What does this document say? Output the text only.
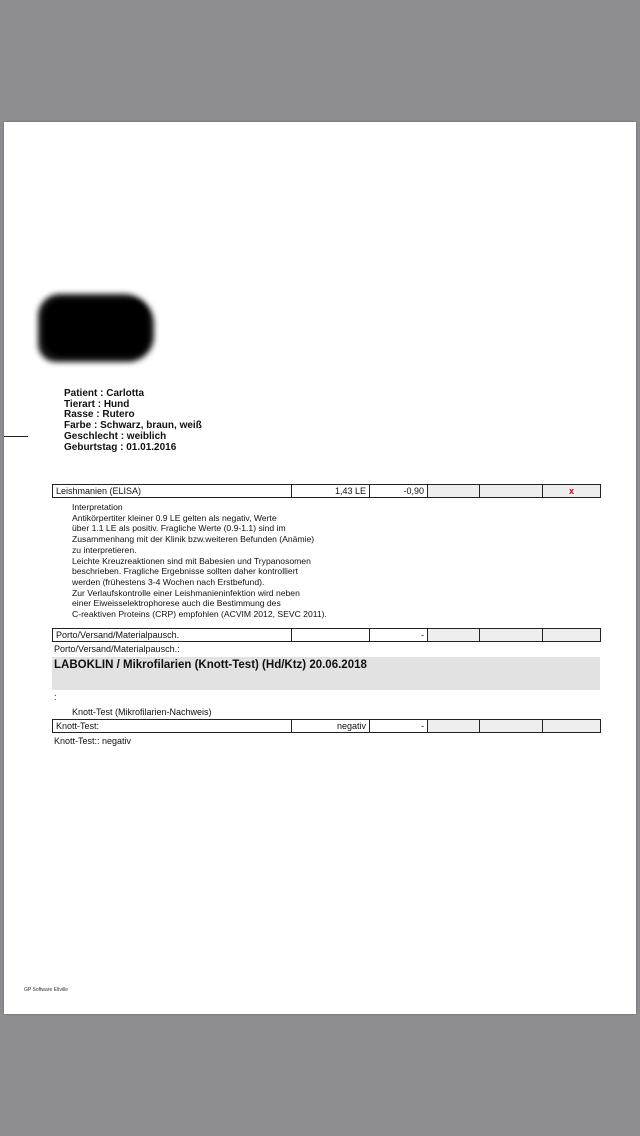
Patient : Carlotta
Tierart : Hund
Rasse : Rutero
Farbe : Schwarz, braun, weiß
Geschlecht : weiblich
Geburtstag : 01.01.2016
Leishmanien (ELISA)	1,43 LE	-0,90			x
Interpretation
Antikörpertiter kleiner 0.9 LE gelten als negativ, Werte
über 1.1 LE als positiv. Fragliche Werte (0.9-1.1) sind im
Zusammenhang mit der Klinik bzw.weiteren Befunden (Anämie)
zu interpretieren.
Leichte Kreuzreaktionen sind mit Babesien und Trypanosomen
beschrieben. Fragliche Ergebnisse sollten daher kontrolliert
werden (frühestens 3-4 Wochen nach Erstbefund).
Zur Verlaufskontrolle einer Leishmanieninfektion wird neben
einer Eiweisselektrophorese auch die Bestimmung des
C-reaktiven Proteins (CRP) empfohlen (ACVIM 2012, SEVC 2011).
Porto/Versand/Materialpausch.		-			
Porto/Versand/Materialpausch.:
LABOKLIN / Mikrofilarien (Knott-Test) (Hd/Ktz) 20.06.2018
:
Knott-Test (Mikrofilarien-Nachweis)
Knott-Test:	negativ	-			
Knott-Test:: negativ
GP Software Eltville
